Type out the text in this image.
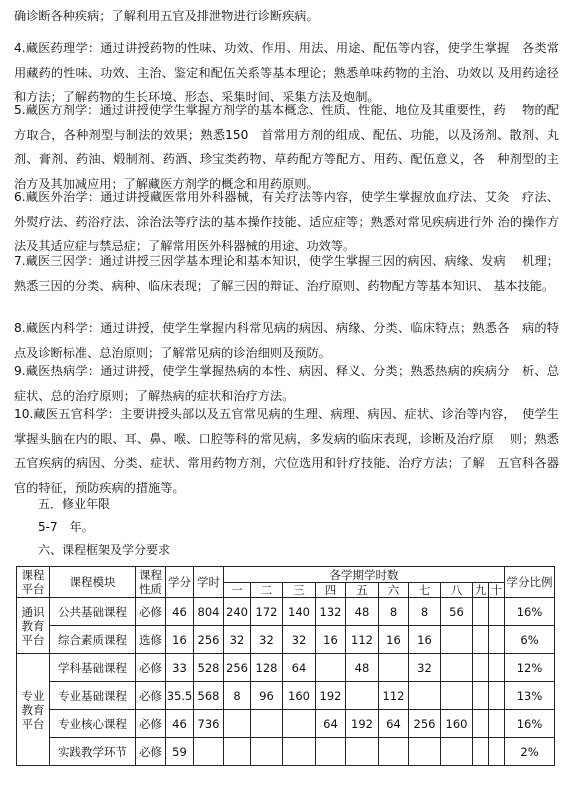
确诊断各种疾病；了解利用五官及排泄物进行诊断疾病。
4.藏医药理学：通过讲授药物的性味、功效、作用、用法、用途、配伍等内容，使学生掌握　各类常用藏药的性味、功效、主治、鉴定和配伍关系等基本理论；熟悉单味药物的主治、功效以 及用药途径和方法；了解药物的生长环境、形态、采集时间、采集方法及炮制。
5.藏医方剂学：通过讲授使学生掌握方剂学的基本概念、性质、性能、地位及其重要性，药　 物的配方取合，各种剂型与制法的效果；熟悉150　首常用方剂的组成、配伍、功能，以及汤剂、散剂、丸剂、膏剂、药油、煅制剂、药酒、珍宝类药物、草药配方等配方、用药、配伍意义，各　种剂型的主治方及其加减应用；了解藏医方剂学的概念和用药原则。
6.藏医外治学：通过讲授藏医常用外科器械，有关疗法等内容，使学生掌握放血疗法、艾灸　疗法、外熨疗法、药浴疗法、涂治法等疗法的基本操作技能、适应症等；熟悉对常见疾病进行外 治的操作方法及其适应症与禁忌症；了解常用医外科器械的用途、功效等。
7.藏医三因学：通过讲授三因学基本理论和基本知识，使学生掌握三因的病因、病缘、发病　 机理；熟悉三因的分类、病种、临床表现；了解三因的辩证、治疗原则、药物配方等基本知识、 基本技能。
8.藏医内科学：通过讲授，使学生掌握内科常见病的病因、病缘、分类、临床特点；熟悉各　病的特点及诊断标准、总治原则；了解常见病的诊治细则及预防。
9.藏医热病学：通过讲授，使学生掌握热病的本性、病因、释义、分类；熟悉热病的疾病分　析、总症状、总的治疗原则；了解热病的症状和治疗方法。
10.藏医五官科学：主要讲授头部以及五官常见病的生理、病理、病因、症状、诊治等内容，　使学生掌握头脑在内的眼、耳、鼻、喉、口腔等科的常见病，多发病的临床表现，诊断及治疗原　 则；熟悉五官疾病的病因、分类、症状、常用药物方剂，穴位选用和针疗技能、治疗方法；了解　五官科各器官的特征，预防疾病的措施等。
五．修业年限
5-7　年。
六、课程框架及学分要求
课程平台	课程模块	课程性质	学分	学时	各学期学时数										学分比例
					一	二	三	四	五	六	七	八	九	十	
通识教育平台	公共基础课程	必修	46	804	240	172	140	132	48	8	8	56			16%
	综合素质课程	选修	16	256	32	32	32	16	112	16	16				6%
专业教育平台	学科基础课程	必修	33	528	256	128	64		48		32				12%
	专业基础课程	必修	35.5	568	8	96	160	192		112					13%
	专业核心课程	必修	46	736				64	192	64	256	160			16%
	实践教学环节	必修	59												2%
